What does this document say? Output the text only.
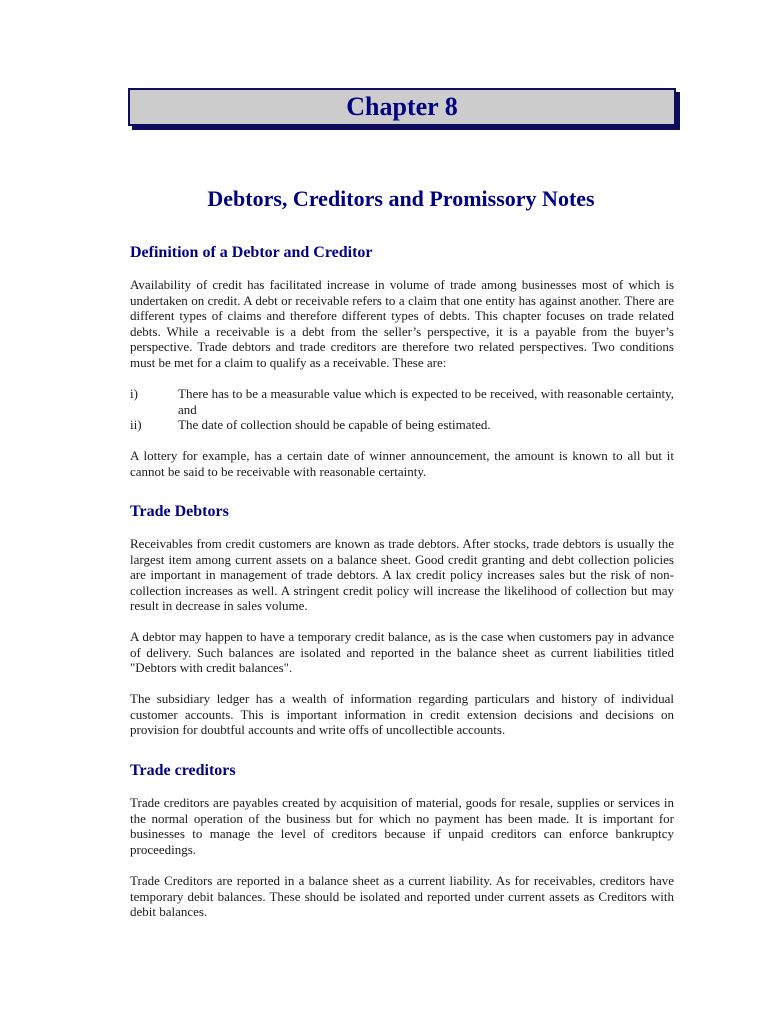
Chapter 8
Debtors, Creditors and Promissory Notes
Definition of a Debtor and Creditor

Availability of credit has facilitated increase in volume of trade among businesses most of which is undertaken on credit. A debt or receivable refers to a claim that one entity has against another. There are different types of claims and therefore different types of debts. This chapter focuses on trade related debts. While a receivable is a debt from the seller’s perspective, it is a payable from the buyer’s perspective. Trade debtors and trade creditors are therefore two related perspectives. Two conditions must be met for a claim to qualify as a receivable. These are:

i)	There has to be a measurable value which is expected to be received, with reasonable certainty, and
ii)	The date of collection should be capable of being estimated.

A lottery for example, has a certain date of winner announcement, the amount is known to all but it cannot be said to be receivable with reasonable certainty.

Trade Debtors

Receivables from credit customers are known as trade debtors. After stocks, trade debtors is usually the largest item among current assets on a balance sheet. Good credit granting and debt collection policies are important in management of trade debtors. A lax credit policy increases sales but the risk of non-collection increases as well. A stringent credit policy will increase the likelihood of collection but may result in decrease in sales volume.

A debtor may happen to have a temporary credit balance, as is the case when customers pay in advance of delivery. Such balances are isolated and reported in the balance sheet as current liabilities titled "Debtors with credit balances".

The subsidiary ledger has a wealth of information regarding particulars and history of individual customer accounts. This is important information in credit extension decisions and decisions on provision for doubtful accounts and write offs of uncollectible accounts.

Trade creditors

Trade creditors are payables created by acquisition of material, goods for resale, supplies or services in the normal operation of the business but for which no payment has been made. It is important for businesses to manage the level of creditors because if unpaid creditors can enforce bankruptcy proceedings.

Trade Creditors are reported in a balance sheet as a current liability. As for receivables, creditors have temporary debit balances. These should be isolated and reported under current assets as Creditors with debit balances.
